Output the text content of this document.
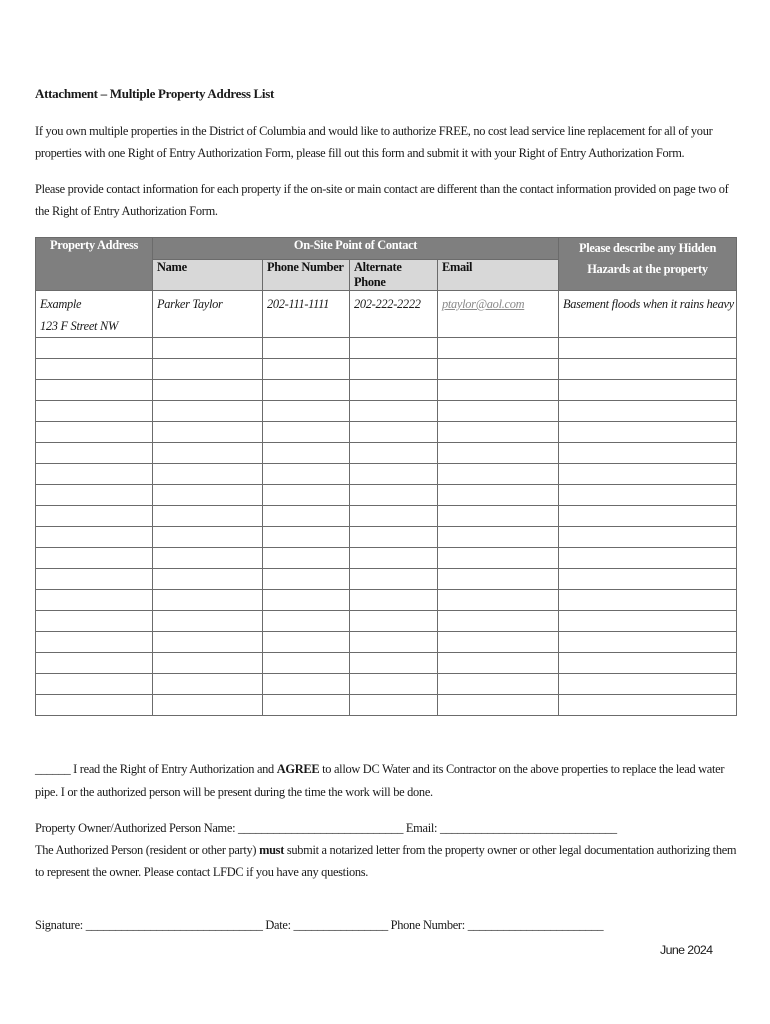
Attachment – Multiple Property Address List
If you own multiple properties in the District of Columbia and would like to authorize FREE, no cost lead service line replacement for all of your properties with one Right of Entry Authorization Form, please fill out this form and submit it with your Right of Entry Authorization Form.
Please provide contact information for each property if the on-site or main contact are different than the contact information provided on page two of the Right of Entry Authorization Form.
Property Address	On-Site Point of Contact				Please describe any Hidden Hazards at the property
	Name	Phone Number	Alternate Phone	Email	

Example
123 F Street NW	Parker Taylor	202-111-1111	202-222-2222	ptaylor@aol.com	Basement floods when it rains heavy

______ I read the Right of Entry Authorization and AGREE to allow DC Water and its Contractor on the above properties to replace the lead water pipe. I or the authorized person will be present during the time the work will be done.
Property Owner/Authorized Person Name: ____________________________ Email: ______________________________
The Authorized Person (resident or other party) must submit a notarized letter from the property owner or other legal documentation authorizing them to represent the owner. Please contact LFDC if you have any questions.
Signature: ______________________________ Date: ________________ Phone Number: _______________________
June 2024
